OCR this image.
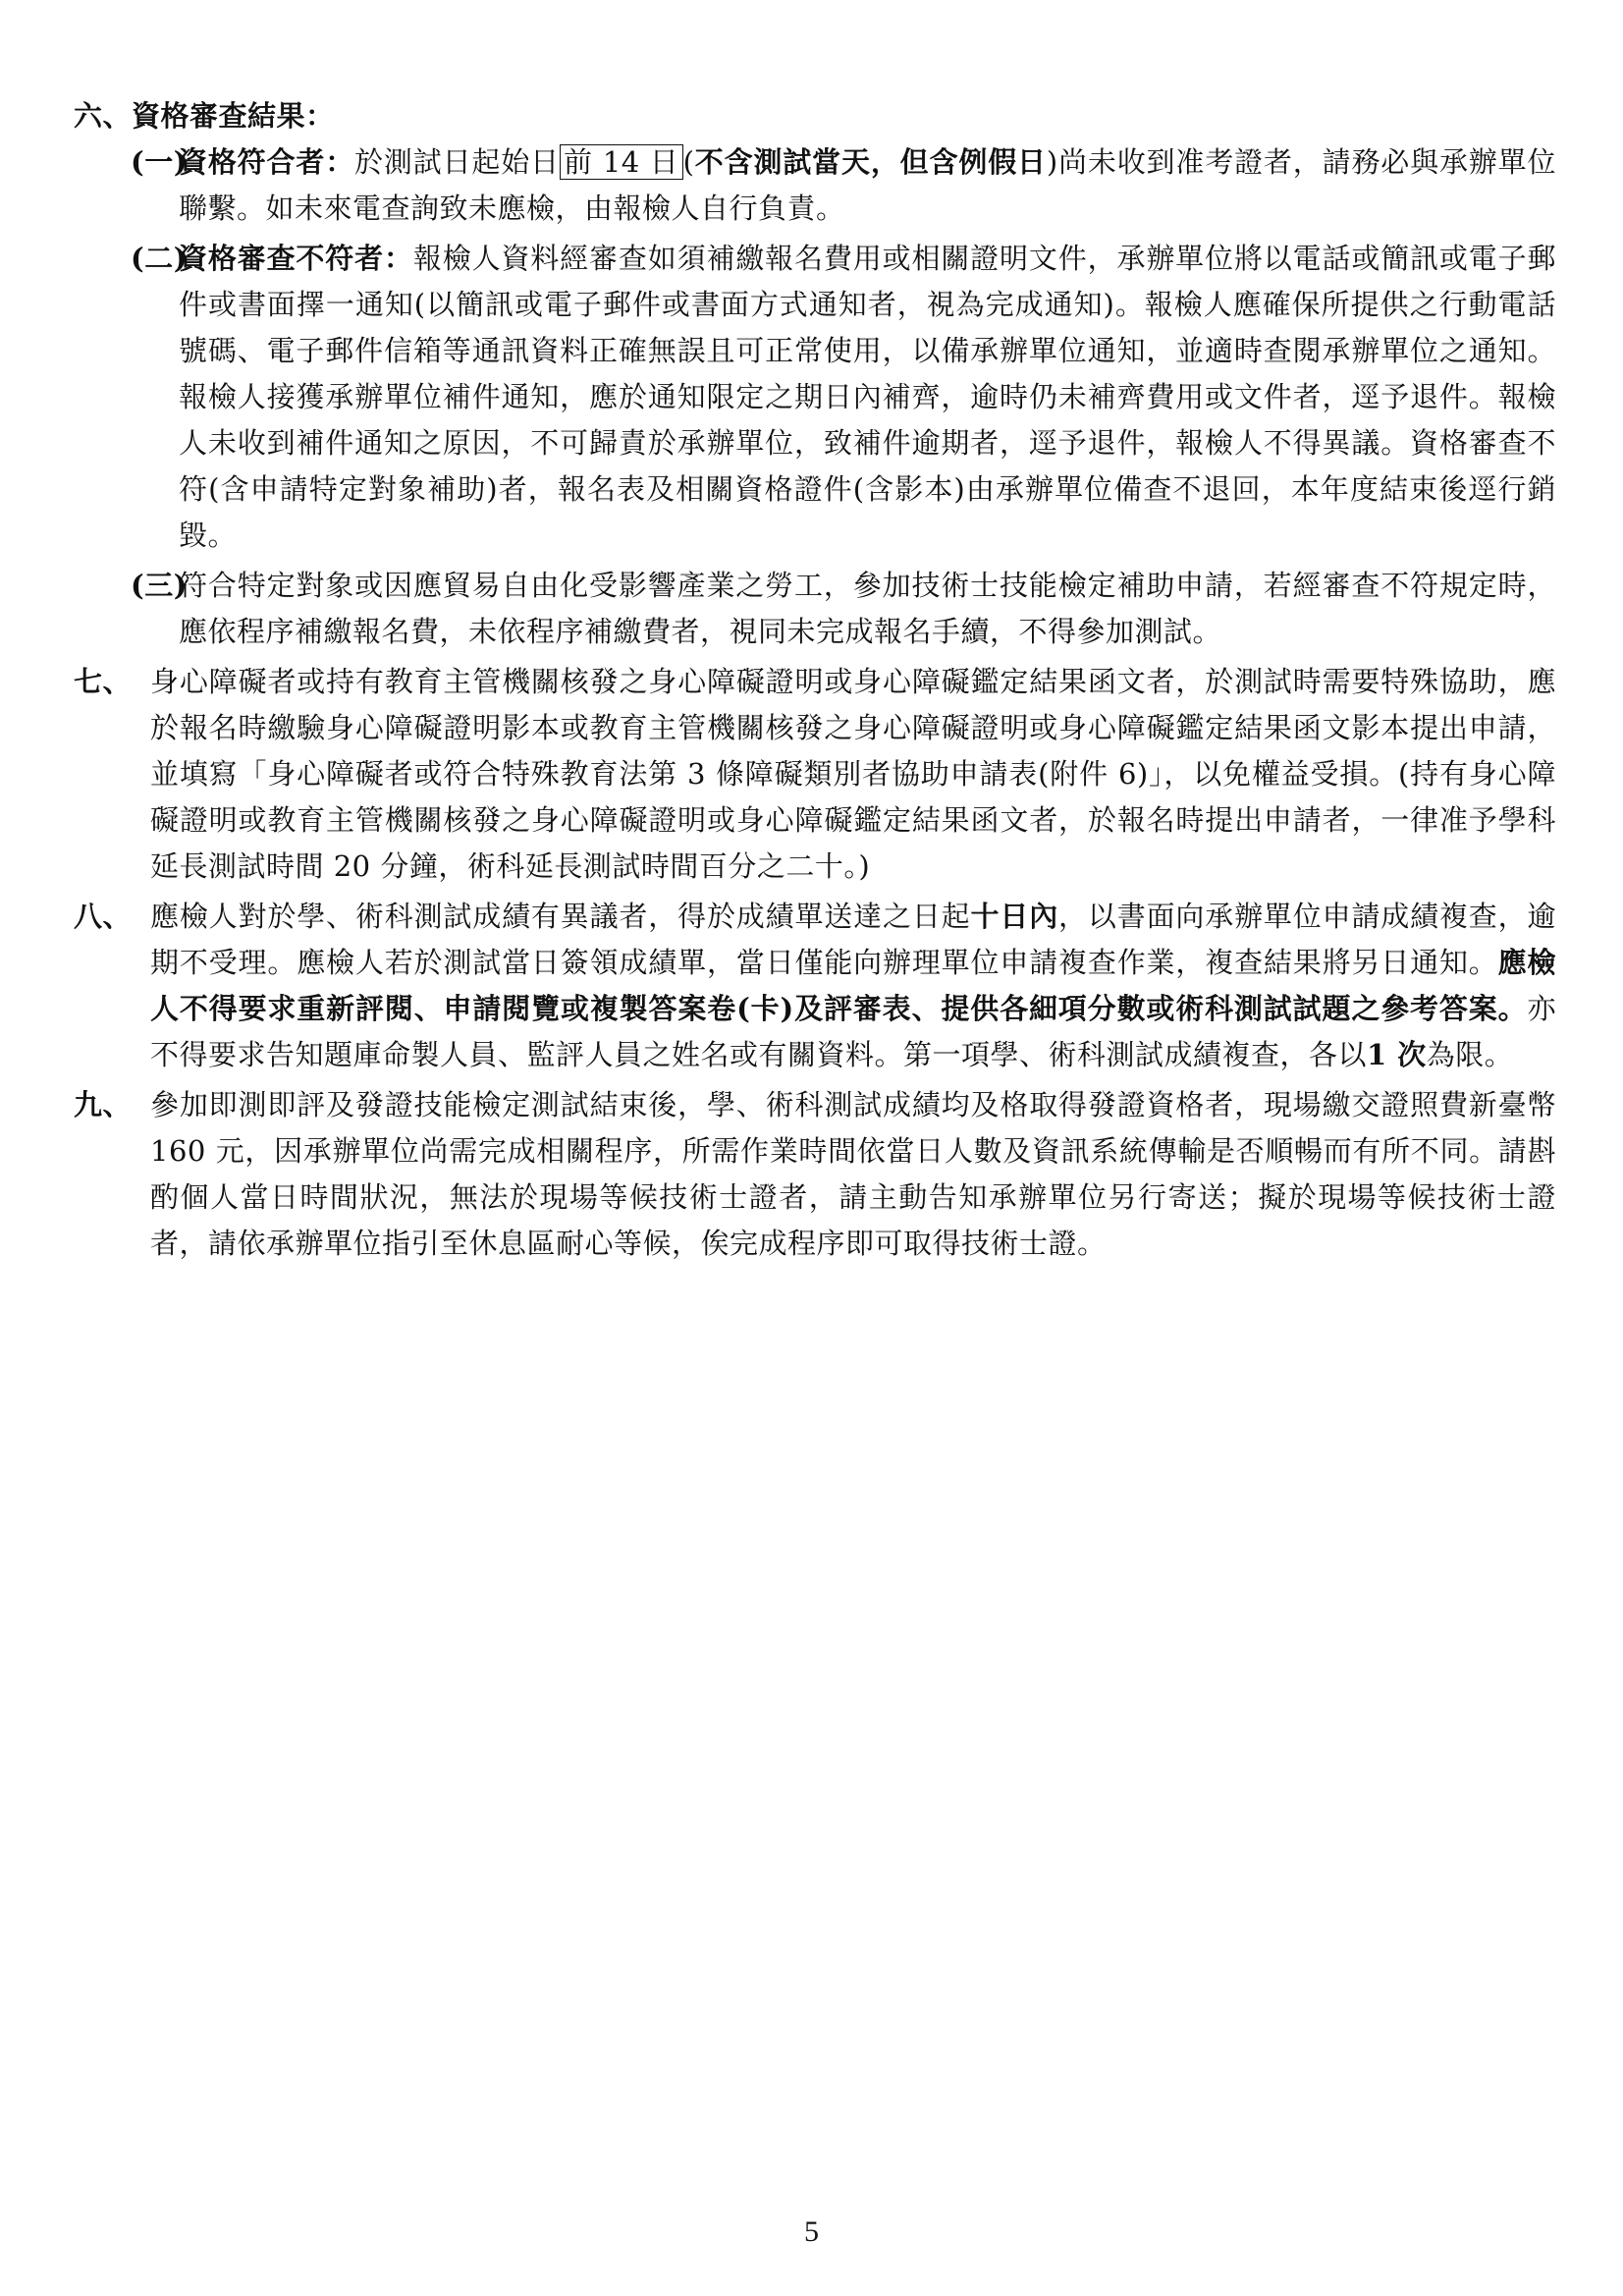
六、資格審查結果：

(一)
資格符合者：於測試日起始日 前 14 日 (不含測試當天，但含例假日)尚未收到准考證者，請務必與承辦單位聯繫。如未來電查詢致未應檢，由報檢人自行負責。

(二)
資格審查不符者：報檢人資料經審查如須補繳報名費用或相關證明文件，承辦單位將以電話或簡訊或電子郵件或書面擇一通知(以簡訊或電子郵件或書面方式通知者，視為完成通知)。報檢人應確保所提供之行動電話號碼、電子郵件信箱等通訊資料正確無誤且可正常使用，以備承辦單位通知，並適時查閱承辦單位之通知。報檢人接獲承辦單位補件通知，應於通知限定之期日內補齊，逾時仍未補齊費用或文件者，逕予退件。報檢人未收到補件通知之原因，不可歸責於承辦單位，致補件逾期者，逕予退件，報檢人不得異議。資格審查不符(含申請特定對象補助)者，報名表及相關資格證件(含影本)由承辦單位備查不退回，本年度結束後逕行銷毀。

(三)
符合特定對象或因應貿易自由化受影響產業之勞工，參加技術士技能檢定補助申請，若經審查不符規定時，應依程序補繳報名費，未依程序補繳費者，視同未完成報名手續，不得參加測試。

七、 身心障礙者或持有教育主管機關核發之身心障礙證明或身心障礙鑑定結果函文者，於測試時需要特殊協助，應於報名時繳驗身心障礙證明影本或教育主管機關核發之身心障礙證明或身心障礙鑑定結果函文影本提出申請，並填寫「身心障礙者或符合特殊教育法第 3 條障礙類別者協助申請表(附件 6)」，以免權益受損。(持有身心障礙證明或教育主管機關核發之身心障礙證明或身心障礙鑑定結果函文者，於報名時提出申請者，一律准予學科延長測試時間 20 分鐘，術科延長測試時間百分之二十。)

八、 應檢人對於學、術科測試成績有異議者，得於成績單送達之日起十日內，以書面向承辦單位申請成績複查，逾期不受理。應檢人若於測試當日簽領成績單，當日僅能向辦理單位申請複查作業，複查結果將另日通知。應檢人不得要求重新評閱、申請閱覽或複製答案卷(卡)及評審表、提供各細項分數或術科測試試題之參考答案。亦不得要求告知題庫命製人員、監評人員之姓名或有關資料。第一項學、術科測試成績複查，各以1 次為限。

九、 參加即測即評及發證技能檢定測試結束後，學、術科測試成績均及格取得發證資格者，現場繳交證照費新臺幣 160 元，因承辦單位尚需完成相關程序，所需作業時間依當日人數及資訊系統傳輸是否順暢而有所不同。請斟酌個人當日時間狀況，無法於現場等候技術士證者，請主動告知承辦單位另行寄送；擬於現場等候技術士證者，請依承辦單位指引至休息區耐心等候，俟完成程序即可取得技術士證。

5
